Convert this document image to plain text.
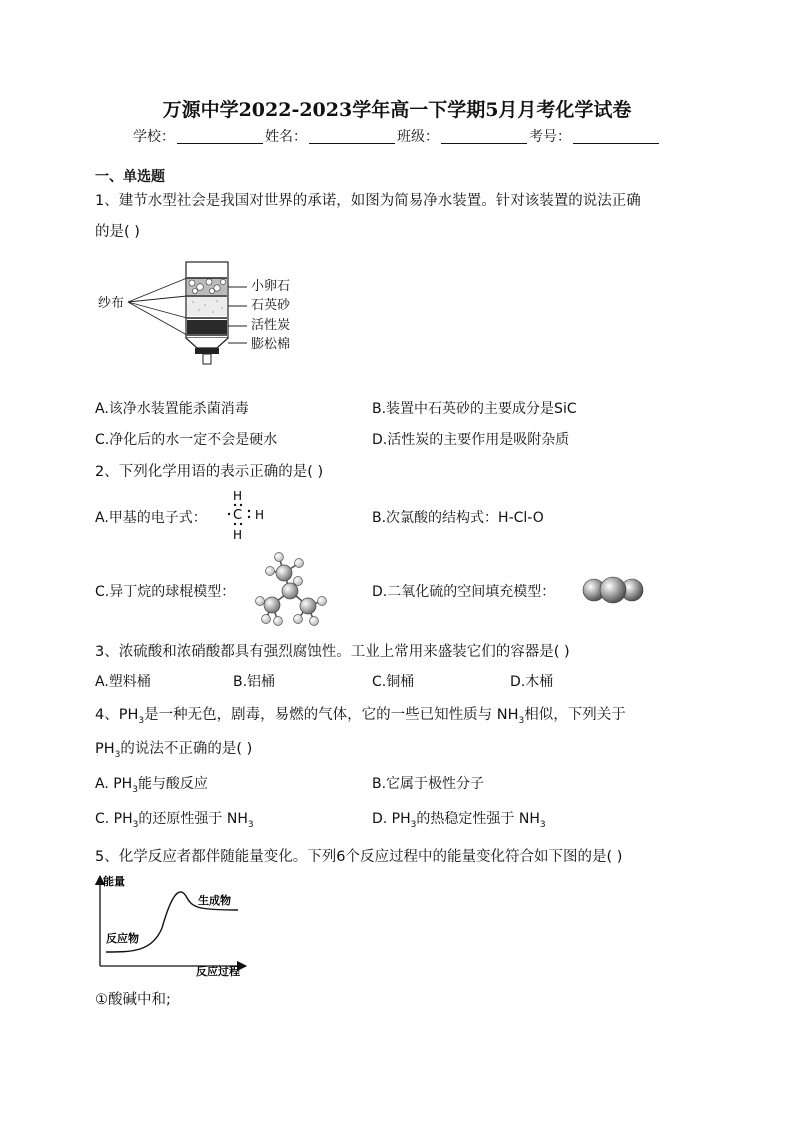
万源中学2022-2023学年高一下学期5月月考化学试卷
学校：	姓名：	班级：	考号：
一、单选题
1、建节水型社会是我国对世界的承诺，如图为简易净水装置。针对该装置的说法正确
的是( )
纱布
小卵石
石英砂
活性炭
膨松棉
A.该净水装置能杀菌消毒	B.装置中石英砂的主要成分是SiC
C.净化后的水一定不会是硬水	D.活性炭的主要作用是吸附杂质
2、下列化学用语的表示正确的是( )
A.甲基的电子式：
H
C H
H
B.次氯酸的结构式：H-Cl-O
C.异丁烷的球棍模型：	D.二氧化硫的空间填充模型：
3、浓硫酸和浓硝酸都具有强烈腐蚀性。工业上常用来盛装它们的容器是( )
A.塑料桶	B.铝桶	C.铜桶	D.木桶
4、$PH_3$是一种无色，剧毒，易燃的气体，它的一些已知性质与 $NH_3$相似，下列关于
$PH_3$的说法不正确的是( )
A. $PH_3$能与酸反应	B.它属于极性分子
C. $PH_3$的还原性强于 $NH_3$	D. $PH_3$的热稳定性强于 $NH_3$
5、化学反应者都伴随能量变化。下列6个反应过程中的能量变化符合如下图的是( )
能量
反应过程
反应物
生成物
①酸碱中和;
